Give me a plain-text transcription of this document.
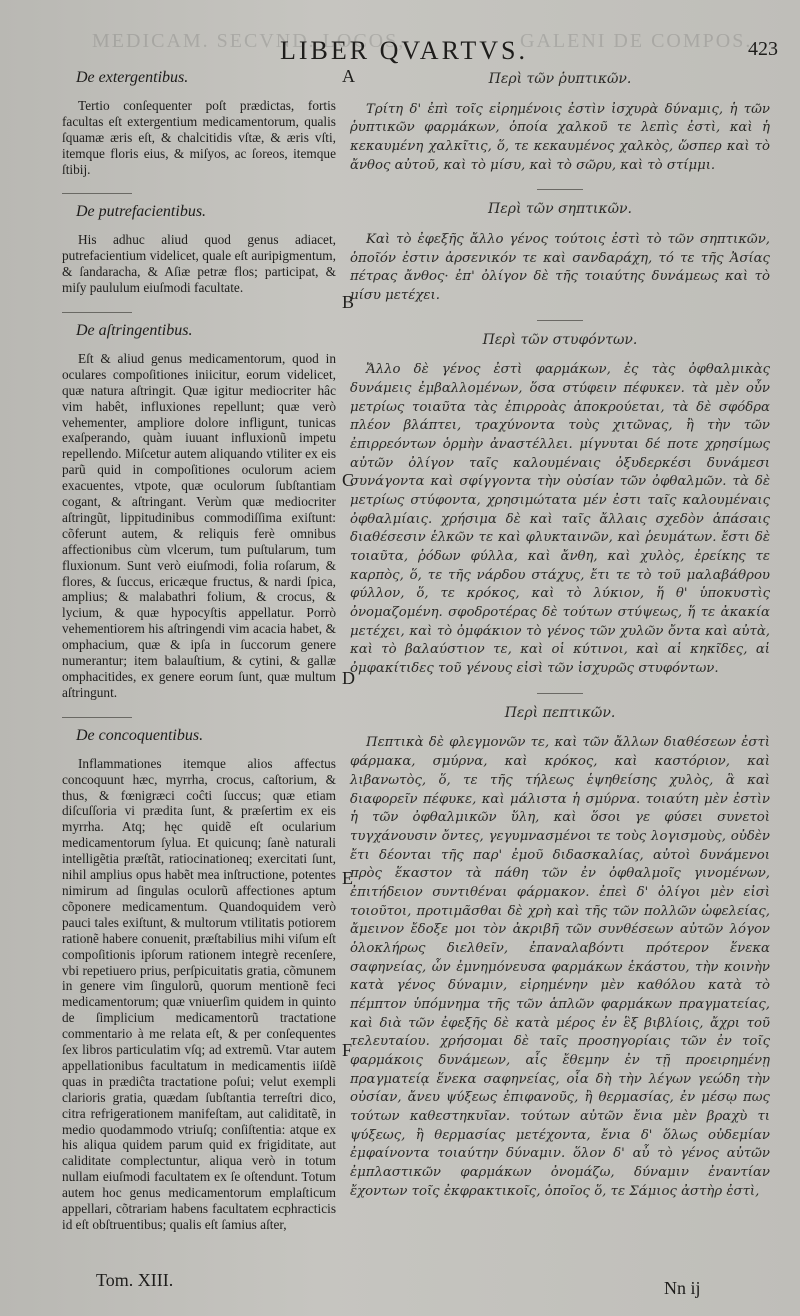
MEDICAM. SECVND. LOCOS,	GALENI DE COMPOS.
LIBER QVARTVS.	423
De extergentibus.

Tertio conſequenter poſt prædictas, fortis facultas eſt extergentium medicamentorum, qualis ſquamæ æris eſt, & chalcitidis vſtæ, & æris vſti, itemque floris eius, & miſyos, ac ſoreos, itemque ſtibij.

De putrefacientibus.

His adhuc aliud quod genus adiacet, putrefacientium videlicet, quale eſt auripigmentum, & ſandaracha, & Aſiæ petræ flos; participat, & miſy paululum eiuſmodi facultate.

De aſtringentibus.

Eſt & aliud genus medicamentorum, quod in oculares compoſitiones iniicitur, eorum videlicet, quæ natura aſtringit. Quæ igitur mediocriter hâc vim habêt, influxiones repellunt; quæ verò vehementer, ampliore dolore infligunt, tunicas exaſperando, quàm iuuant influxionũ impetu repellendo. Miſcetur autem aliquando vtiliter ex eis parũ quid in compoſitiones oculorum aciem exacuentes, vtpote, quæ oculorum ſubſtantiam cogant, & aſtringant. Verùm quæ mediocriter aſtringũt, lippitudinibus commodiſſima exiſtunt: cõferunt autem, & reliquis ferè omnibus affectionibus cùm vlcerum, tum puſtularum, tum fluxionum. Sunt verò eiuſmodi, folia roſarum, & flores, & ſuccus, ericæque fructus, & nardi ſpica, amplius; & malabathri folium, & crocus, & lycium, & quæ hypocyſtis appellatur. Porrò vehementiorem his aſtringendi vim acacia habet, & omphacium, quæ & ipſa in ſuccorum genere numerantur; item balauſtium, & cytini, & gallæ omphacitides, ex genere eorum ſunt, quæ multum aſtringunt.

De concoquentibus.

Inflammationes itemque alios affectus concoquunt hæc, myrrha, crocus, caſtorium, & thus, & fœnigræci coĉti ſuccus; quæ etiam diſcuſſoria vi prædita ſunt, & præſertim ex eis myrrha. Atq; hęc quidẽ eſt ocularium medicamentorum ſylua. Et quicunq; ſanè naturali intelligẽtia præſtãt, ratiocinationeq; exercitati ſunt, nihil amplius opus habẽt mea inſtructione, potentes nimirum ad ſingulas oculorũ affectiones aptum cõponere medicamentum. Quandoquidem verò pauci tales exiſtunt, & multorum vtilitatis potiorem rationẽ habere conuenit, præſtabilius mihi viſum eſt compoſitionis ipſorum rationem integrè recenſere, vbi repetiuero prius, perſpicuitatis gratia, cõmunem in genere vim ſingulorũ, quorum mentionẽ feci medicamentorum; quæ vniuerſim quidem in quinto de ſimplicium medicamentorũ tractatione commentario à me relata eſt, & per conſequentes ſex libros particulatim vſq; ad extremũ. Vtar autem appellationibus facultatum in medicamentis iiſdẽ quas in prædiĉta tractatione poſui; velut exempli clarioris gratia, quædam ſubſtantia terreſtri dico, citra refrigerationem manifeſtam, aut caliditatẽ, in medio quodammodo vtriuſq; conſiſtentia: atque ex his aliqua quidem parum quid ex frigiditate, aut caliditate complectuntur, aliqua verò in totum nullam eiuſmodi facultatem ex ſe oſtendunt. Totum autem hoc genus medicamentorum emplaſticum appellari, cõtrariam habens facultatem ecphracticis id eſt obſtruentibus; qualis eſt ſamius aſter,

A
B
C
D
E
F
Περὶ τῶν ῥυπτικῶν.

Τρίτη δ' ἐπὶ τοῖς εἰρημένοις ἐστὶν ἰσχυρὰ δύναμις, ἡ τῶν ῥυπτικῶν φαρμάκων, ὁποία χαλκοῦ τε λεπὶς ἐστὶ, καὶ ἡ κεκαυμένη χαλκῖτις, ὅ, τε κεκαυμένος χαλκὸς, ὥσπερ καὶ τὸ ἄνθος αὐτοῦ, καὶ τὸ μίσυ, καὶ τὸ σῶρυ, καὶ τὸ στίμμι.

Περὶ τῶν σηπτικῶν.

Καὶ τὸ ἐφεξῆς ἄλλο γένος τούτοις ἐστὶ τὸ τῶν σηπτικῶν, ὁποῖόν ἐστιν ἀρσενικόν τε καὶ σανδαράχη, τό τε τῆς Ἀσίας πέτρας ἄνθος· ἐπ' ὀλίγον δὲ τῆς τοιαύτης δυνάμεως καὶ τὸ μίσυ μετέχει.

Περὶ τῶν στυφόντων.

Ἄλλο δὲ γένος ἐστὶ φαρμάκων, ἐς τὰς ὀφθαλμικὰς δυνάμεις ἐμβαλλομένων, ὅσα στύφειν πέφυκεν. τὰ μὲν οὖν μετρίως τοιαῦτα τὰς ἐπιρροὰς ἀποκρούεται, τὰ δὲ σφόδρα πλέον βλάπτει, τραχύνοντα τοὺς χιτῶνας, ἢ τὴν τῶν ἐπιρρεόντων ὁρμὴν ἀναστέλλει. μίγνυται δέ ποτε χρησίμως αὐτῶν ὀλίγον ταῖς καλουμέναις ὀξυδερκέσι δυνάμεσι συνάγοντα καὶ σφίγγοντα τὴν οὐσίαν τῶν ὀφθαλμῶν. τὰ δὲ μετρίως στύφοντα, χρησιμώτατα μέν ἐστι ταῖς καλουμέναις ὀφθαλμίαις. χρήσιμα δὲ καὶ ταῖς ἄλλαις σχεδὸν ἁπάσαις διαθέσεσιν ἑλκῶν τε καὶ φλυκταινῶν, καὶ ῥευμάτων. ἔστι δὲ τοιαῦτα, ῥόδων φύλλα, καὶ ἄνθη, καὶ χυλὸς, ἐρείκης τε καρπὸς, ὅ, τε τῆς νάρδου στάχυς, ἔτι τε τὸ τοῦ μαλαβάθρου φύλλον, ὅ, τε κρόκος, καὶ τὸ λύκιον, ἥ θ' ὑποκυστὶς ὀνομαζομένη. σφοδροτέρας δὲ τούτων στύψεως, ἥ τε ἀκακία μετέχει, καὶ τὸ ὀμφάκιον τὸ γένος τῶν χυλῶν ὄντα καὶ αὐτὰ, καὶ τὸ βαλαύστιον τε, καὶ οἱ κύτινοι, καὶ αἱ κηκῖδες, αἱ ὀμφακίτιδες τοῦ γένους εἰσὶ τῶν ἰσχυρῶς στυφόντων.

Περὶ πεπτικῶν.

Πεπτικὰ δὲ φλεγμονῶν τε, καὶ τῶν ἄλλων διαθέσεων ἐστὶ φάρμακα, σμύρνα, καὶ κρόκος, καὶ καστόριον, καὶ λιβανωτὸς, ὅ, τε τῆς τήλεως ἑψηθείσης χυλὸς, ἃ καὶ διαφορεῖν πέφυκε, καὶ μάλιστα ἡ σμύρνα. τοιαύτη μὲν ἐστὶν ἡ τῶν ὀφθαλμικῶν ὕλη, καὶ ὅσοι γε φύσει συνετοὶ τυγχάνουσιν ὄντες, γεγυμνασμένοι τε τοὺς λογισμοὺς, οὐδὲν ἔτι δέονται τῆς παρ' ἐμοῦ διδασκαλίας, αὐτοὶ δυνάμενοι πρὸς ἕκαστον τὰ πάθη τῶν ἐν ὀφθαλμοῖς γινομένων, ἐπιτήδειον συντιθέναι φάρμακον. ἐπεὶ δ' ὀλίγοι μὲν εἰσὶ τοιοῦτοι, προτιμᾶσθαι δὲ χρὴ καὶ τῆς τῶν πολλῶν ὠφελείας, ἄμεινον ἔδοξε μοι τὸν ἀκριβῆ τῶν συνθέσεων αὐτῶν λόγον ὁλοκλήρως διελθεῖν, ἐπαναλαβόντι πρότερον ἕνεκα σαφηνείας, ὧν ἐμνημόνευσα φαρμάκων ἑκάστου, τὴν κοινὴν κατὰ γένος δύναμιν, εἰρημένην μὲν καθόλου κατὰ τὸ πέμπτον ὑπόμνημα τῆς τῶν ἁπλῶν φαρμάκων πραγματείας, καὶ διὰ τῶν ἐφεξῆς δὲ κατὰ μέρος ἐν ἓξ βιβλίοις, ἄχρι τοῦ τελευταίου. χρήσομαι δὲ ταῖς προσηγορίαις τῶν ἐν τοῖς φαρμάκοις δυνάμεων, αἷς ἔθεμην ἐν τῇ προειρημένῃ πραγματείᾳ ἕνεκα σαφηνείας, οἷα δὴ τὴν λέγων γεώδη τὴν οὐσίαν, ἄνευ ψύξεως ἐπιφανοῦς, ἢ θερμασίας, ἐν μέσῳ πως τούτων καθεστηκυῖαν. τούτων αὐτῶν ἔνια μὲν βραχὺ τι ψύξεως, ἢ θερμασίας μετέχοντα, ἔνια δ' ὅλως οὐδεμίαν ἐμφαίνοντα τοιαύτην δύναμιν. ὅλον δ' αὖ τὸ γένος αὐτῶν ἐμπλαστικῶν φαρμάκων ὀνομάζω, δύναμιν ἐναντίαν ἔχοντων τοῖς ἐκφρακτικοῖς, ὁποῖος ὅ, τε Σάμιος ἀστὴρ ἐστὶ,

Tom. XIII.	Nn ij
